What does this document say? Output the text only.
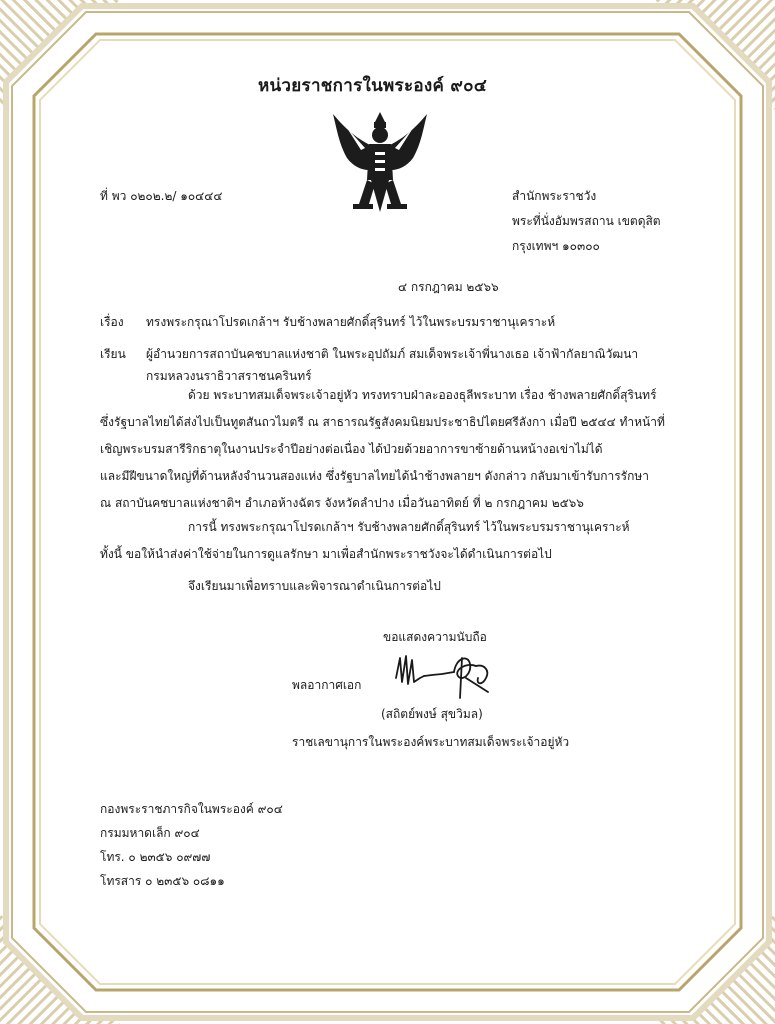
หน่วยราชการในพระองค์ ๙๐๔
ที่ พว ๐๒๐๒.๒/ ๑๐๔๔๔	สำนักพระราชวัง
พระที่นั่งอัมพรสถาน เขตดุสิต
กรุงเทพฯ ๑๐๓๐๐
๔ กรกฎาคม ๒๕๖๖
เรื่อง ทรงพระกรุณาโปรดเกล้าฯ รับช้างพลายศักดิ์สุรินทร์ ไว้ในพระบรมราชานุเคราะห์
เรียน ผู้อำนวยการสถาบันคชบาลแห่งชาติ ในพระอุปถัมภ์ สมเด็จพระเจ้าพี่นางเธอ เจ้าฟ้ากัลยาณิวัฒนา
กรมหลวงนราธิวาสราชนครินทร์
ด้วย พระบาทสมเด็จพระเจ้าอยู่หัว ทรงทราบฝ่าละอองธุลีพระบาท เรื่อง ช้างพลายศักดิ์สุรินทร์
ซึ่งรัฐบาลไทยได้ส่งไปเป็นทูตสันถวไมตรี ณ สาธารณรัฐสังคมนิยมประชาธิปไตยศรีลังกา เมื่อปี ๒๕๔๔ ทำหน้าที่
เชิญพระบรมสารีริกธาตุในงานประจำปีอย่างต่อเนื่อง ได้ป่วยด้วยอาการขาซ้ายด้านหน้างอเข่าไม่ได้
และมีฝีขนาดใหญ่ที่ด้านหลังจำนวนสองแห่ง ซึ่งรัฐบาลไทยได้นำช้างพลายฯ ดังกล่าว กลับมาเข้ารับการรักษา
ณ สถาบันคชบาลแห่งชาติฯ อำเภอห้างฉัตร จังหวัดลำปาง เมื่อวันอาทิตย์ ที่ ๒ กรกฎาคม ๒๕๖๖
การนี้ ทรงพระกรุณาโปรดเกล้าฯ รับช้างพลายศักดิ์สุรินทร์ ไว้ในพระบรมราชานุเคราะห์
ทั้งนี้ ขอให้นำส่งค่าใช้จ่ายในการดูแลรักษา มาเพื่อสำนักพระราชวังจะได้ดำเนินการต่อไป
จึงเรียนมาเพื่อทราบและพิจารณาดำเนินการต่อไป
ขอแสดงความนับถือ
พลอากาศเอก
(สถิตย์พงษ์ สุขวิมล)
ราชเลขานุการในพระองค์พระบาทสมเด็จพระเจ้าอยู่หัว
กองพระราชภารกิจในพระองค์ ๙๐๔
กรมมหาดเล็ก ๙๐๔
โทร. ๐ ๒๓๕๖ ๐๙๗๗
โทรสาร ๐ ๒๓๕๖ ๐๘๑๑
